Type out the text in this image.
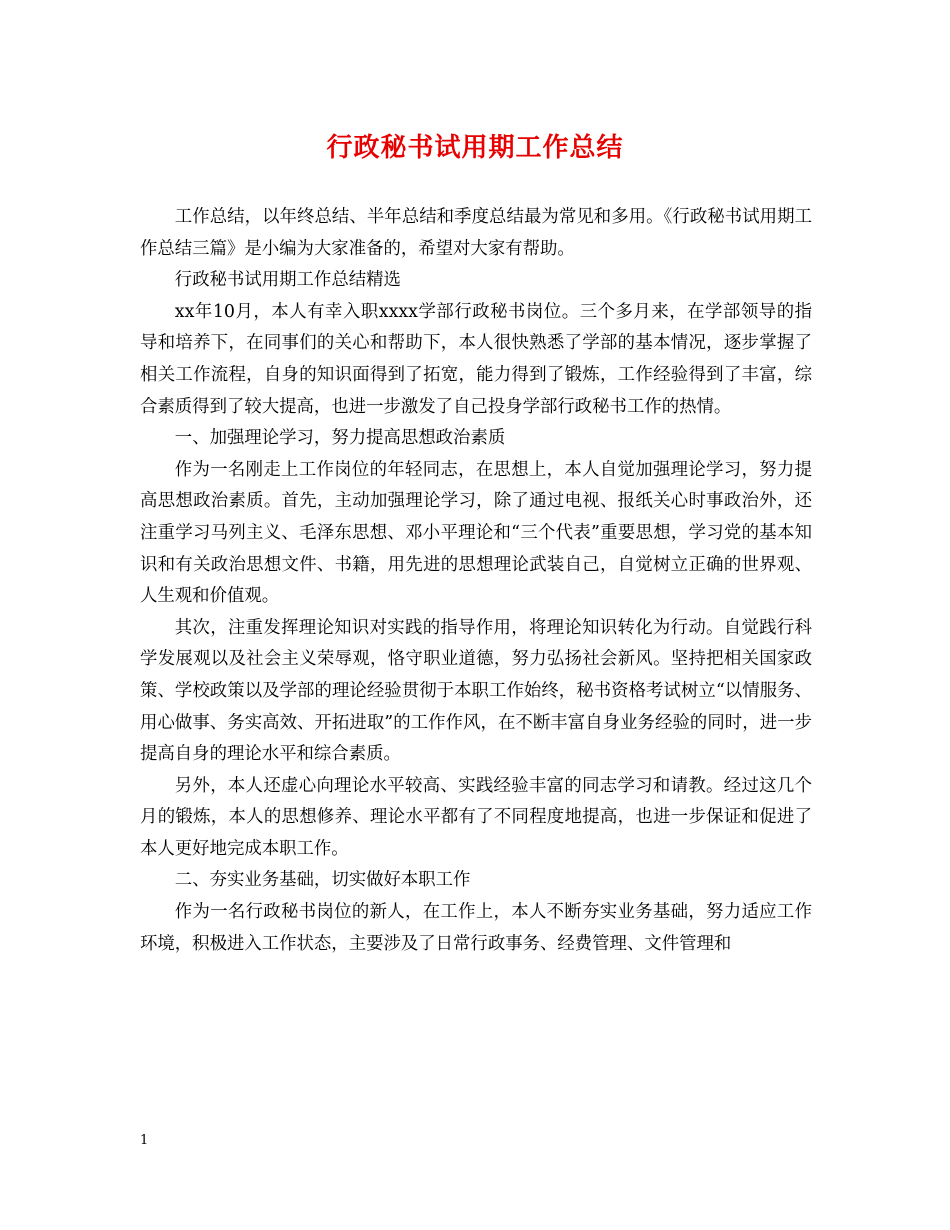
行政秘书试用期工作总结

工作总结，以年终总结、半年总结和季度总结最为常见和多用。《行政秘书试用期工作总结三篇》是小编为大家准备的，希望对大家有帮助。

行政秘书试用期工作总结精选

xx年10月，本人有幸入职xxxx学部行政秘书岗位。三个多月来，在学部领导的指导和培养下，在同事们的关心和帮助下，本人很快熟悉了学部的基本情况，逐步掌握了相关工作流程，自身的知识面得到了拓宽，能力得到了锻炼，工作经验得到了丰富，综合素质得到了较大提高，也进一步激发了自己投身学部行政秘书工作的热情。

一、加强理论学习，努力提高思想政治素质

作为一名刚走上工作岗位的年轻同志，在思想上，本人自觉加强理论学习，努力提高思想政治素质。首先，主动加强理论学习，除了通过电视、报纸关心时事政治外，还注重学习马列主义、毛泽东思想、邓小平理论和“三个代表”重要思想，学习党的基本知识和有关政治思想文件、书籍，用先进的思想理论武装自己，自觉树立正确的世界观、人生观和价值观。

其次，注重发挥理论知识对实践的指导作用，将理论知识转化为行动。自觉践行科学发展观以及社会主义荣辱观，恪守职业道德，努力弘扬社会新风。坚持把相关国家政策、学校政策以及学部的理论经验贯彻于本职工作始终，秘书资格考试树立“以情服务、用心做事、务实高效、开拓进取”的工作作风，在不断丰富自身业务经验的同时，进一步提高自身的理论水平和综合素质。

另外，本人还虚心向理论水平较高、实践经验丰富的同志学习和请教。经过这几个月的锻炼，本人的思想修养、理论水平都有了不同程度地提高，也进一步保证和促进了本人更好地完成本职工作。

二、夯实业务基础，切实做好本职工作

作为一名行政秘书岗位的新人，在工作上，本人不断夯实业务基础，努力适应工作环境，积极进入工作状态，主要涉及了日常行政事务、经费管理、文件管理和

1
